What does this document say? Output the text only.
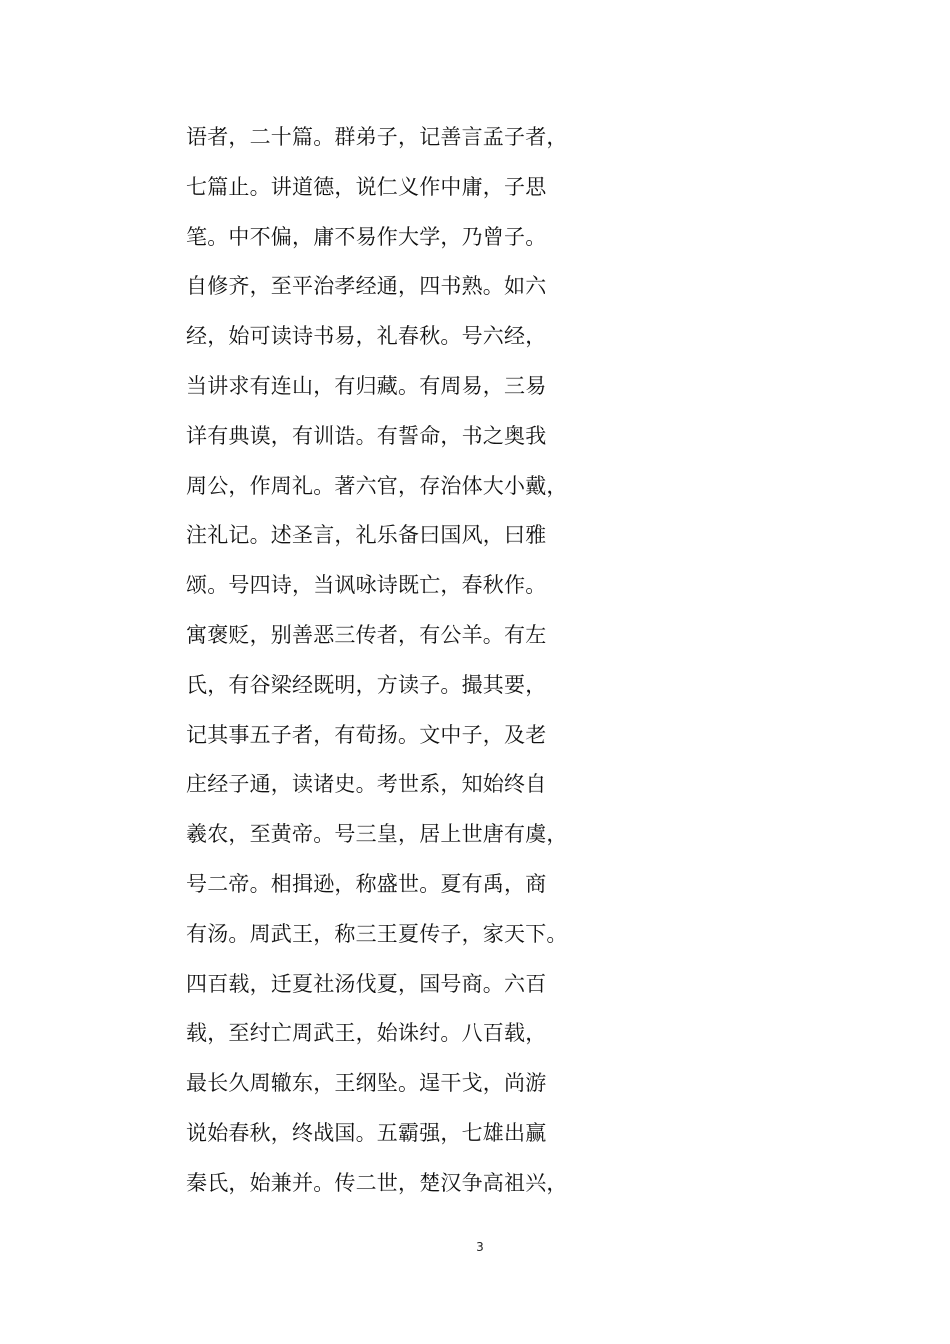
语者，二十篇。群弟子，记善言孟子者，
七篇止。讲道德，说仁义作中庸，子思
笔。中不偏，庸不易作大学，乃曾子。
自修齐，至平治孝经通，四书熟。如六
经，始可读诗书易，礼春秋。号六经，
当讲求有连山，有归藏。有周易，三易
详有典谟，有训诰。有誓命，书之奥我
周公，作周礼。著六官，存治体大小戴，
注礼记。述圣言，礼乐备曰国风，曰雅
颂。号四诗，当讽咏诗既亡，春秋作。
寓褒贬，别善恶三传者，有公羊。有左
氏，有谷梁经既明，方读子。撮其要，
记其事五子者，有荀扬。文中子，及老
庄经子通，读诸史。考世系，知始终自
羲农，至黄帝。号三皇，居上世唐有虞，
号二帝。相揖逊，称盛世。夏有禹，商
有汤。周武王，称三王夏传子，家天下。
四百载，迁夏社汤伐夏，国号商。六百
载，至纣亡周武王，始诛纣。八百载，
最长久周辙东，王纲坠。逞干戈，尚游
说始春秋，终战国。五霸强，七雄出赢
秦氏，始兼并。传二世，楚汉争高祖兴，
3
